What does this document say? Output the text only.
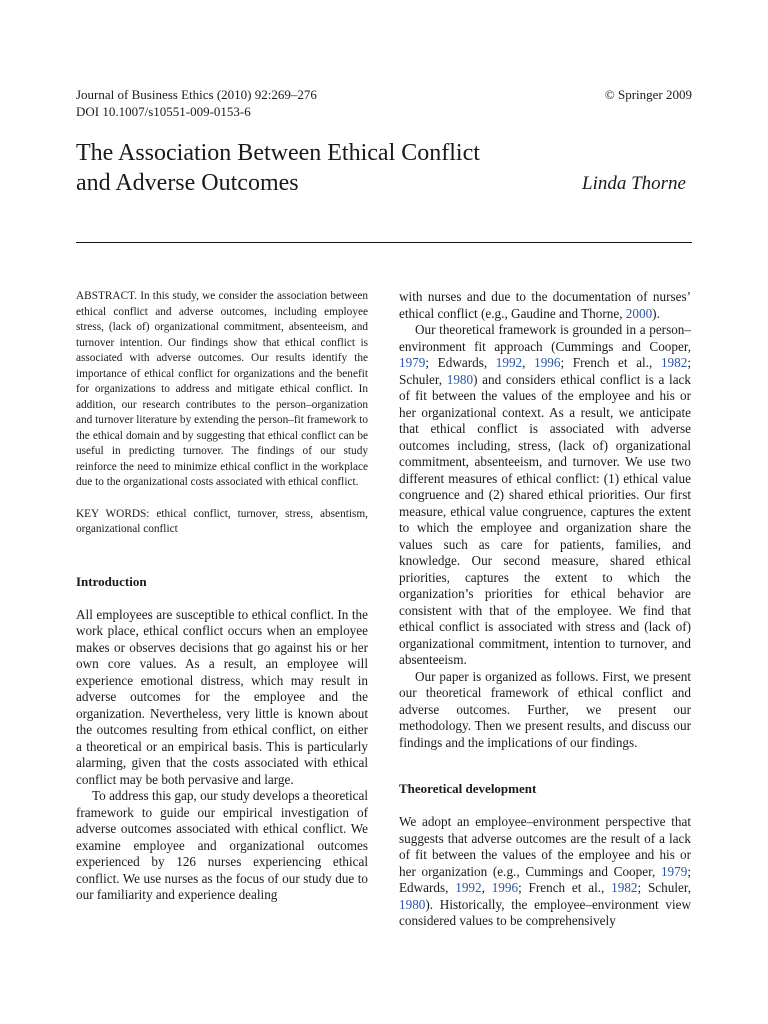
Journal of Business Ethics (2010) 92:269–276
DOI 10.1007/s10551-009-0153-6
© Springer 2009
The Association Between Ethical Conflict
and Adverse Outcomes	Linda Thorne

ABSTRACT. In this study, we consider the association between ethical conflict and adverse outcomes, including employee stress, (lack of) organizational commitment, absenteeism, and turnover intention. Our findings show that ethical conflict is associated with adverse outcomes. Our results identify the importance of ethical conflict for organizations and the benefit for organizations to address and mitigate ethical conflict. In addition, our research contributes to the person–organization and turnover literature by extending the person–fit framework to the ethical domain and by suggesting that ethical conflict can be useful in predicting turnover. The findings of our study reinforce the need to minimize ethical conflict in the workplace due to the organizational costs associated with ethical conflict.

KEY WORDS: ethical conflict, turnover, stress, absentism, organizational conflict

Introduction

All employees are susceptible to ethical conflict. In the work place, ethical conflict occurs when an employee makes or observes decisions that go against his or her own core values. As a result, an employee will experience emotional distress, which may result in adverse outcomes for the employee and the organization. Nevertheless, very little is known about the outcomes resulting from ethical conflict, on either a theoretical or an empirical basis. This is particularly alarming, given that the costs associated with ethical conflict may be both pervasive and large.

To address this gap, our study develops a theoretical framework to guide our empirical investigation of adverse outcomes associated with ethical conflict. We examine employee and organizational outcomes experienced by 126 nurses experiencing ethical conflict. We use nurses as the focus of our study due to our familiarity and experience dealing

with nurses and due to the documentation of nurses’ ethical conflict (e.g., Gaudine and Thorne, 2000).

Our theoretical framework is grounded in a person–environment fit approach (Cummings and Cooper, 1979; Edwards, 1992, 1996; French et al., 1982; Schuler, 1980) and considers ethical conflict is a lack of fit between the values of the employee and his or her organizational context. As a result, we anticipate that ethical conflict is associated with adverse outcomes including, stress, (lack of) organizational commitment, absenteeism, and turnover. We use two different measures of ethical conflict: (1) ethical value congruence and (2) shared ethical priorities. Our first measure, ethical value congruence, captures the extent to which the employee and organization share the values such as care for patients, families, and knowledge. Our second measure, shared ethical priorities, captures the extent to which the organization’s priorities for ethical behavior are consistent with that of the employee. We find that ethical conflict is associated with stress and (lack of) organizational commitment, intention to turnover, and absenteeism.

Our paper is organized as follows. First, we present our theoretical framework of ethical conflict and adverse outcomes. Further, we present our methodology. Then we present results, and discuss our findings and the implications of our findings.

Theoretical development

We adopt an employee–environment perspective that suggests that adverse outcomes are the result of a lack of fit between the values of the employee and his or her organization (e.g., Cummings and Cooper, 1979; Edwards, 1992, 1996; French et al., 1982; Schuler, 1980). Historically, the employee–environment view considered values to be comprehensively
